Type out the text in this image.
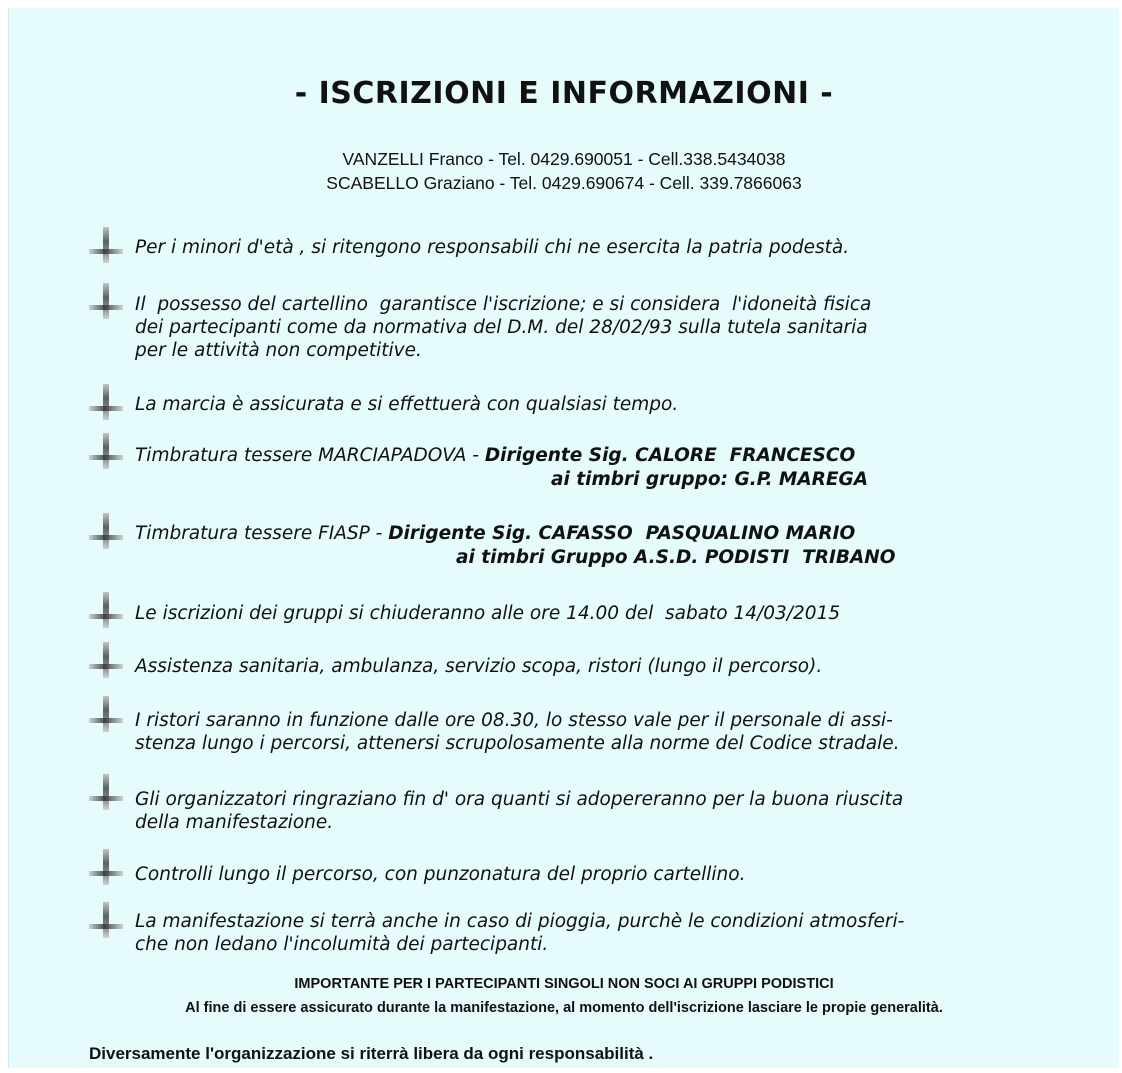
- ISCRIZIONI E INFORMAZIONI -
VANZELLI Franco - Tel. 0429.690051 - Cell.338.5434038
SCABELLO Graziano - Tel. 0429.690674 - Cell. 339.7866063
Per i minori d'età , si ritengono responsabili chi ne esercita la patria podestà.
Il  possesso del cartellino  garantisce l'iscrizione; e si considera  l'idoneità fisica
dei partecipanti come da normativa del D.M. del 28/02/93 sulla tutela sanitaria
per le attività non competitive.
La marcia è assicurata e si effettuerà con qualsiasi tempo.
Timbratura tessere MARCIAPADOVA - Dirigente Sig. CALORE  FRANCESCO
ai timbri gruppo: G.P. MAREGA
Timbratura tessere FIASP - Dirigente Sig. CAFASSO  PASQUALINO MARIO
ai timbri Gruppo A.S.D. PODISTI  TRIBANO
Le iscrizioni dei gruppi si chiuderanno alle ore 14.00 del  sabato 14/03/2015
Assistenza sanitaria, ambulanza, servizio scopa, ristori (lungo il percorso).
I ristori saranno in funzione dalle ore 08.30, lo stesso vale per il personale di assi-
stenza lungo i percorsi, attenersi scrupolosamente alla norme del Codice stradale.
Gli organizzatori ringraziano fin d' ora quanti si adopereranno per la buona riuscita
della manifestazione.
Controlli lungo il percorso, con punzonatura del proprio cartellino.
La manifestazione si terrà anche in caso di pioggia, purchè le condizioni atmosferi-
che non ledano l'incolumità dei partecipanti.
IMPORTANTE PER I PARTECIPANTI SINGOLI NON SOCI AI GRUPPI PODISTICI
Al fine di essere assicurato durante la manifestazione, al momento dell'iscrizione lasciare le propie generalità.
Diversamente l'organizzazione si riterrà libera da ogni responsabilità .
